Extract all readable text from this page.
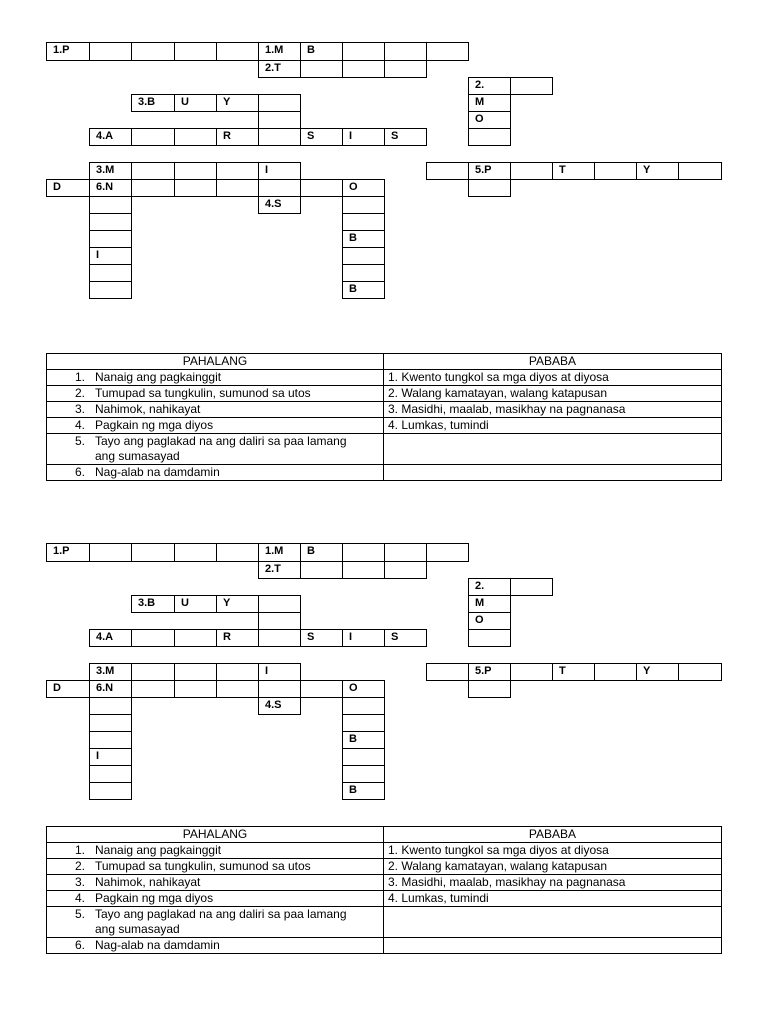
1.P	1.M	B
2.T
2.
3.B	U	Y	M
O
4.A	R	S	I	S
3.M	I	5.P	T	Y
D	6.N	O
4.S
B
I
B
PAHALANG	PABABA
1. Nanaig ang pagkainggit	1. Kwento tungkol sa mga diyos at diyosa
2. Tumupad sa tungkulin, sumunod sa utos	2. Walang kamatayan, walang katapusan
3. Nahimok, nahikayat	3. Masidhi, maalab, masikhay na pagnanasa
4. Pagkain ng mga diyos	4. Lumkas, tumindi

5. Tayo ang paglakad na ang daliri sa paa lamang ang sumasayad	

6. Nag-alab na damdamin	
1.P	1.M	B
2.T
2.
3.B	U	Y	M
O
4.A	R	S	I	S
3.M	I	5.P	T	Y
D	6.N	O
4.S
B
I
B
PAHALANG	PABABA
1. Nanaig ang pagkainggit	1. Kwento tungkol sa mga diyos at diyosa
2. Tumupad sa tungkulin, sumunod sa utos	2. Walang kamatayan, walang katapusan
3. Nahimok, nahikayat	3. Masidhi, maalab, masikhay na pagnanasa
4. Pagkain ng mga diyos	4. Lumkas, tumindi

5. Tayo ang paglakad na ang daliri sa paa lamang ang sumasayad	

6. Nag-alab na damdamin	
